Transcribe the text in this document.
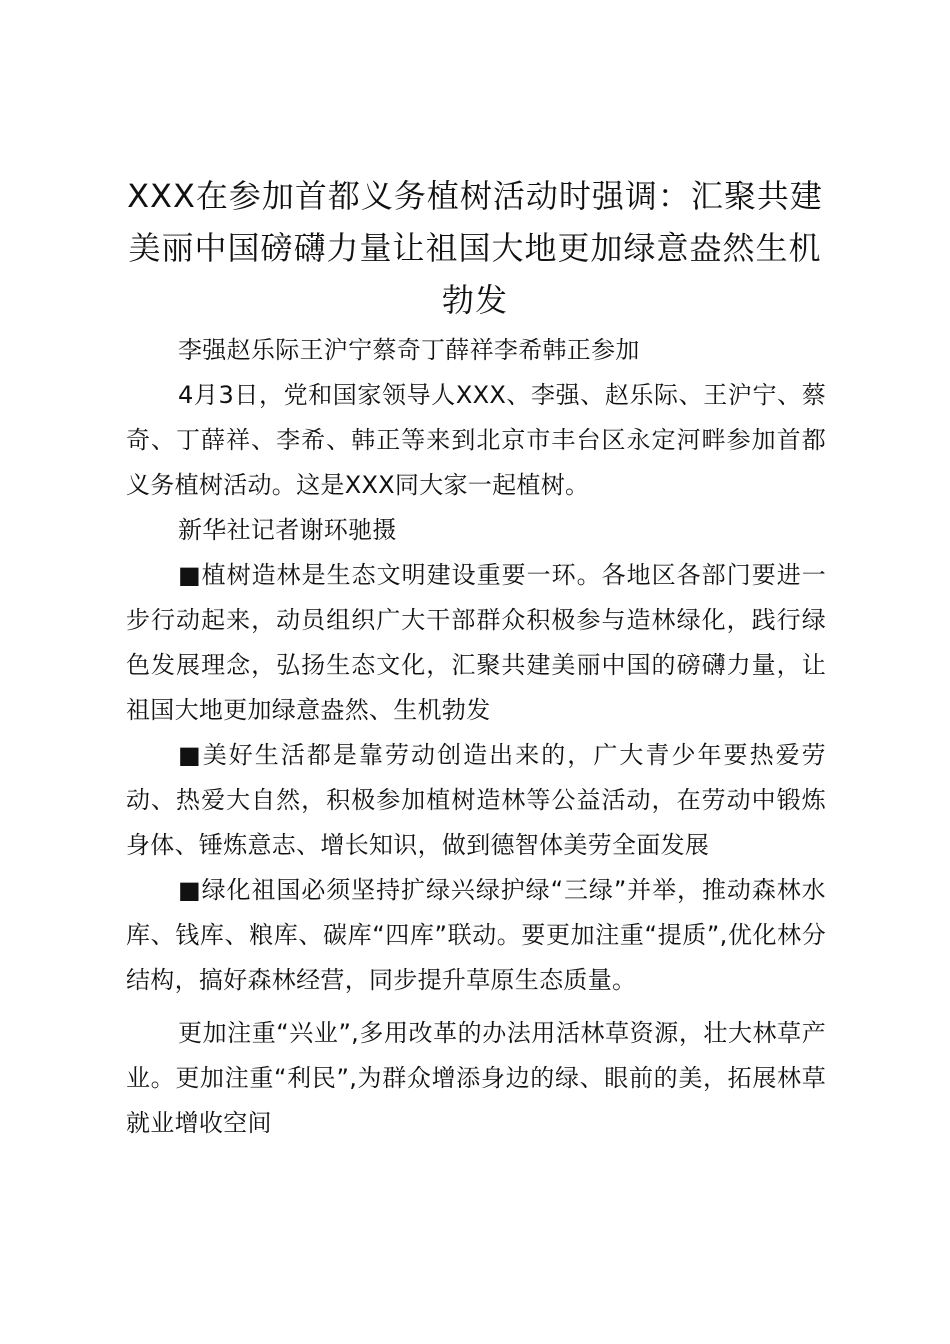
XXX在参加首都义务植树活动时强调：汇聚共建美丽中国磅礴力量让祖国大地更加绿意盎然生机勃发

李强赵乐际王沪宁蔡奇丁薛祥李希韩正参加

4月3日，党和国家领导人XXX、李强、赵乐际、王沪宁、蔡奇、丁薛祥、李希、韩正等来到北京市丰台区永定河畔参加首都义务植树活动。这是XXX同大家一起植树。

新华社记者谢环驰摄

■植树造林是生态文明建设重要一环。各地区各部门要进一步行动起来，动员组织广大干部群众积极参与造林绿化，践行绿色发展理念，弘扬生态文化，汇聚共建美丽中国的磅礴力量，让祖国大地更加绿意盎然、生机勃发

■美好生活都是靠劳动创造出来的，广大青少年要热爱劳动、热爱大自然，积极参加植树造林等公益活动，在劳动中锻炼身体、锤炼意志、增长知识，做到德智体美劳全面发展

■绿化祖国必须坚持扩绿兴绿护绿“三绿”并举，推动森林水库、钱库、粮库、碳库“四库”联动。要更加注重“提质”,优化林分结构，搞好森林经营，同步提升草原生态质量。

更加注重“兴业”,多用改革的办法用活林草资源，壮大林草产业。更加注重“利民”,为群众增添身边的绿、眼前的美，拓展林草就业增收空间
